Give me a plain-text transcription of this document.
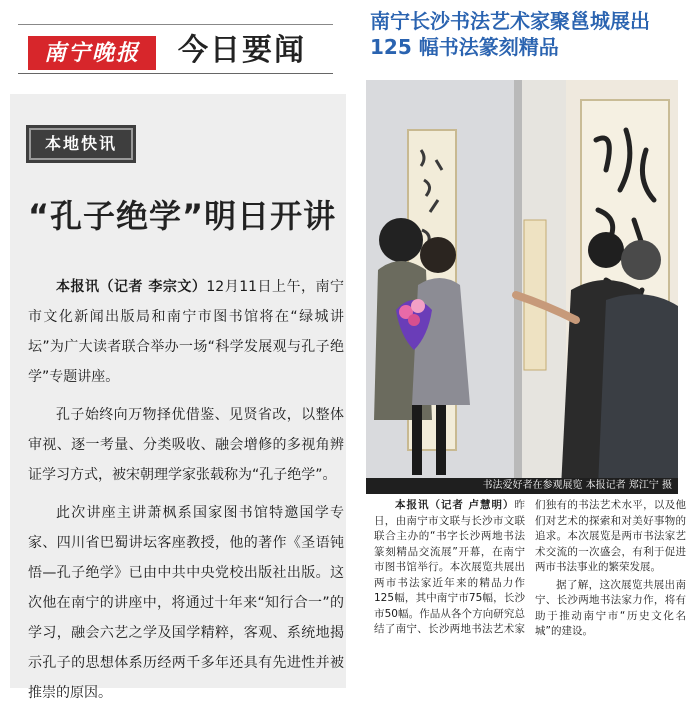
南宁晚报	今日要闻
本地快讯
“孔子绝学”明日开讲

本报讯（记者 李宗文）12月11日上午，南宁市文化新闻出版局和南宁市图书馆将在“绿城讲坛”为广大读者联合举办一场“科学发展观与孔子绝学”专题讲座。

孔子始终向万物择优借鉴、见贤省改，以整体审视、逐一考量、分类吸收、融会增修的多视角辨证学习方式，被宋朝理学家张载称为“孔子绝学”。

此次讲座主讲萧枫系国家图书馆特邀国学专家、四川省巴蜀讲坛客座教授，他的著作《圣语钝悟—孔子绝学》已由中共中央党校出版社出版。这次他在南宁的讲座中，将通过十年来“知行合一”的学习，融会六艺之学及国学精粹，客观、系统地揭示孔子的思想体系历经两千多年还具有先进性并被推崇的原因。

南宁长沙书法艺术家聚邕城展出 125 幅书法篆刻精品
书法爱好者在参观展览 本报记者 郑江宁 摄

本报讯（记者 卢慧明）昨日，由南宁市文联与长沙市文联联合主办的“书字长沙两地书法篆刻精品交流展”开幕，在南宁市图书馆举行。本次展览共展出两市书法家近年来的精品力作125幅，其中南宁市75幅，长沙市50幅。作品从各个方向研究总结了南宁、长沙两地书法艺术家们独有的书法艺术水平，以及他们对艺术的探索和对美好事物的追求。本次展览是两市书法家艺术交流的一次盛会，有利于促进两市书法事业的繁荣发展。

据了解，这次展览共展出南宁、长沙两地书法家力作，将有助于推动南宁市“历史文化名城”的建设。
